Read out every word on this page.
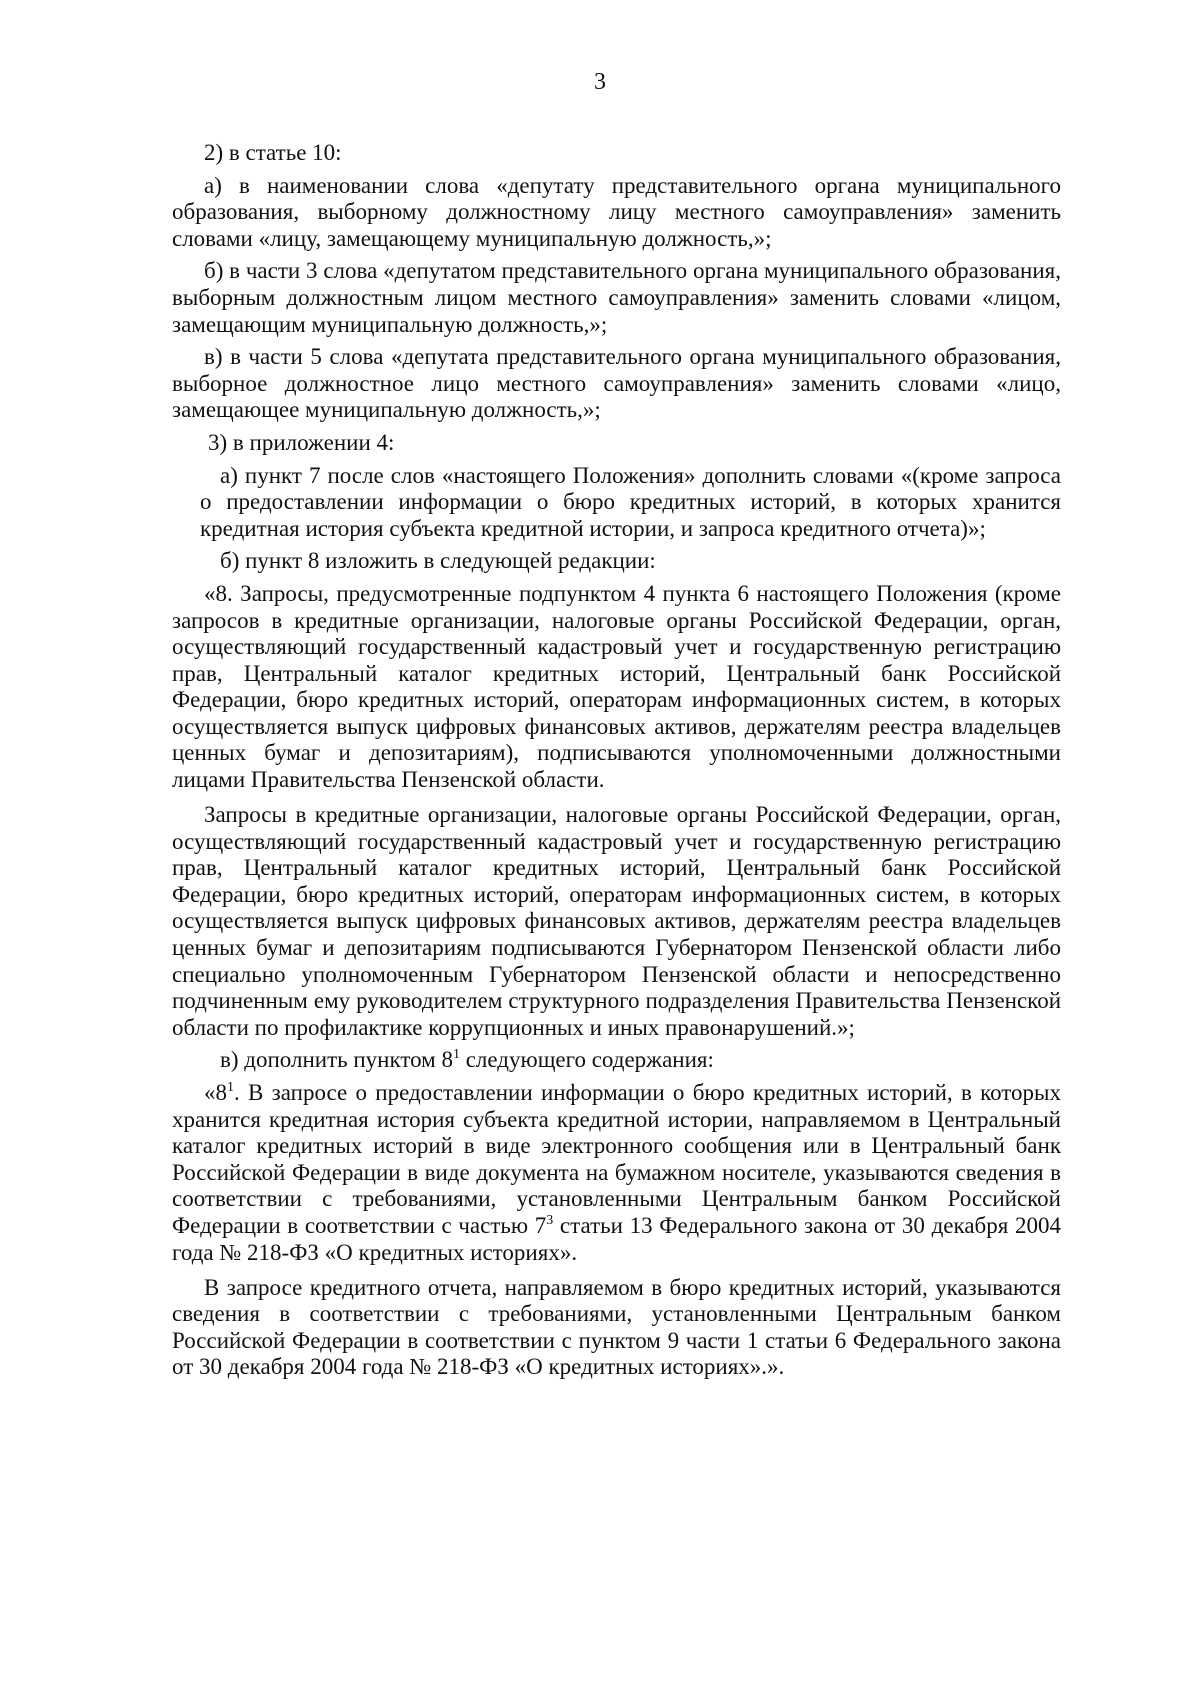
3

2) в статье 10:

а) в наименовании слова «депутату представительного органа муниципального образования, выборному должностному лицу местного самоуправления» заменить словами «лицу, замещающему муниципальную должность,»;

б) в части 3 слова «депутатом представительного органа муниципального образования, выборным должностным лицом местного самоуправления» заменить словами «лицом, замещающим муниципальную должность,»;

в) в части 5 слова «депутата представительного органа муниципального образования, выборное должностное лицо местного самоуправления» заменить словами «лицо, замещающее муниципальную должность,»;

3) в приложении 4:

а) пункт 7 после слов «настоящего Положения» дополнить словами «(кроме запроса о предоставлении информации о бюро кредитных историй, в которых хранится кредитная история субъекта кредитной истории, и запроса кредитного отчета)»;

б) пункт 8 изложить в следующей редакции:

«8. Запросы, предусмотренные подпунктом 4 пункта 6 настоящего Положения (кроме запросов в кредитные организации, налоговые органы Российской Федерации, орган, осуществляющий государственный кадастровый учет и государственную регистрацию прав, Центральный каталог кредитных историй, Центральный банк Российской Федерации, бюро кредитных историй, операторам информационных систем, в которых осуществляется выпуск цифровых финансовых активов, держателям реестра владельцев ценных бумаг и депозитариям), подписываются уполномоченными должностными лицами Правительства Пензенской области.

Запросы в кредитные организации, налоговые органы Российской Федерации, орган, осуществляющий государственный кадастровый учет и государственную регистрацию прав, Центральный каталог кредитных историй, Центральный банк Российской Федерации, бюро кредитных историй, операторам информационных систем, в которых осуществляется выпуск цифровых финансовых активов, держателям реестра владельцев ценных бумаг и депозитариям подписываются Губернатором Пензенской области либо специально уполномоченным Губернатором Пензенской области и непосредственно подчиненным ему руководителем структурного подразделения Правительства Пензенской области по профилактике коррупционных и иных правонарушений.»;

в) дополнить пунктом $8^1$ следующего содержания:

«$8^1$. В запросе о предоставлении информации о бюро кредитных историй, в которых хранится кредитная история субъекта кредитной истории, направляемом в Центральный каталог кредитных историй в виде электронного сообщения или в Центральный банк Российской Федерации в виде документа на бумажном носителе, указываются сведения в соответствии с требованиями, установленными Центральным банком Российской Федерации в соответствии с частью $7^3$ статьи 13 Федерального закона от 30 декабря 2004 года № 218-ФЗ «О кредитных историях».

В запросе кредитного отчета, направляемом в бюро кредитных историй, указываются сведения в соответствии с требованиями, установленными Центральным банком Российской Федерации в соответствии с пунктом 9 части 1 статьи 6 Федерального закона от 30 декабря 2004 года № 218-ФЗ «О кредитных историях».».
